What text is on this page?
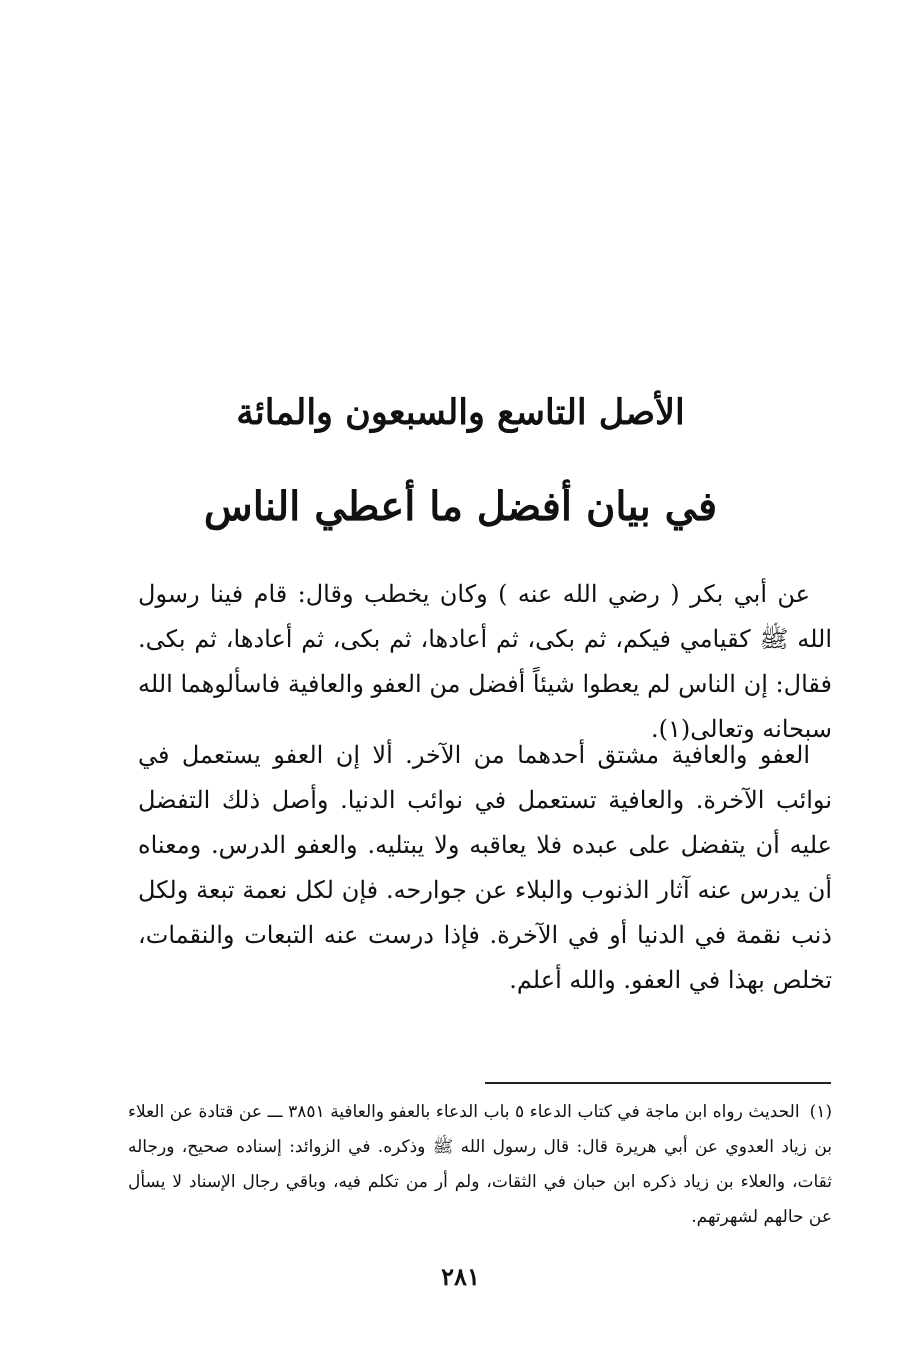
الأصل التاسع والسبعون والمائة
في بيان أفضل ما أعطي الناس

عن أبي بكر ( رضي الله عنه ) وكان يخطب وقال: قام فينا رسول الله ﷺ كقيامي فيكم، ثم بكى، ثم أعادها، ثم بكى، ثم أعادها، ثم بكى. فقال: إن الناس لم يعطوا شيئاً أفضل من العفو والعافية فاسألوهما الله سبحانه وتعالى(١).

العفو والعافية مشتق أحدهما من الآخر. ألا إن العفو يستعمل في نوائب الآخرة. والعافية تستعمل في نوائب الدنيا. وأصل ذلك التفضل عليه أن يتفضل على عبده فلا يعاقبه ولا يبتليه. والعفو الدرس. ومعناه أن يدرس عنه آثار الذنوب والبلاء عن جوارحه. فإن لكل نعمة تبعة ولكل ذنب نقمة في الدنيا أو في الآخرة. فإذا درست عنه التبعات والنقمات، تخلص بهذا في العفو. والله أعلم.

(١)الحديث رواه ابن ماجة في كتاب الدعاء ٥ باب الدعاء بالعفو والعافية ٣٨٥١ ـــ عن قتادة عن العلاء بن زياد العدوي عن أبي هريرة قال: قال رسول الله ﷺ وذكره. في الزوائد: إسناده صحيح، ورجاله ثقات، والعلاء بن زياد ذكره ابن حبان في الثقات، ولم أر من تكلم فيه، وباقي رجال الإسناد لا يسأل عن حالهم لشهرتهم.

٢٨١
